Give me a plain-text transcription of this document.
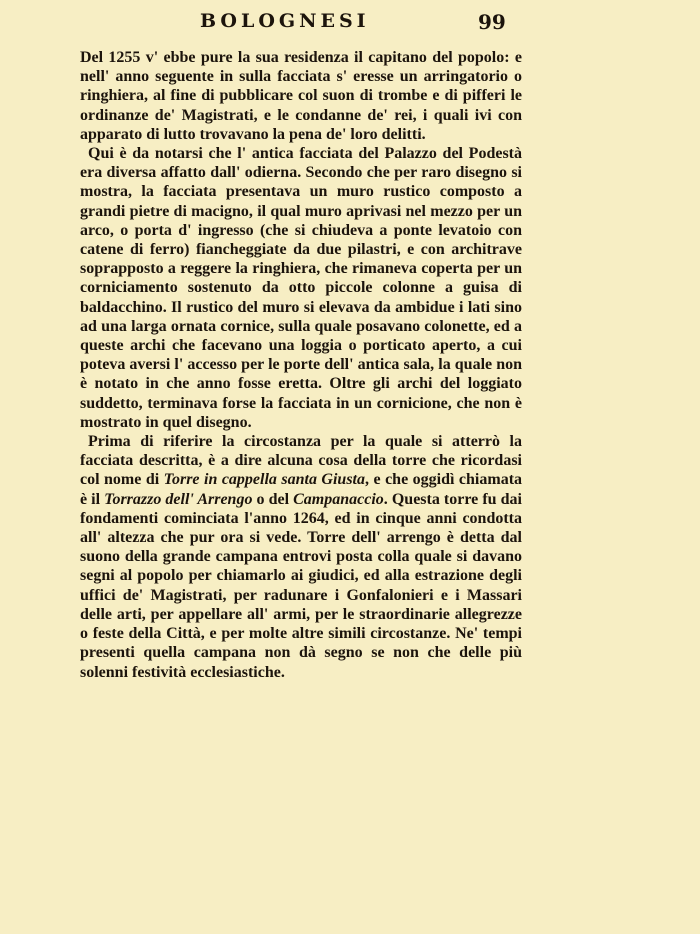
BOLOGNESI	99

Del 1255 v' ebbe pure la sua residenza il capitano del popolo: e nell' anno seguente in sulla facciata s' eresse un arringatorio o ringhiera, al fine di pubblicare col suon di trombe e di pifferi le ordinanze de' Magistrati, e le condanne de' rei, i quali ivi con apparato di lutto trovavano la pena de' loro delitti.

Qui è da notarsi che l' antica facciata del Palazzo del Podestà era diversa affatto dall' odierna. Secondo che per raro disegno si mostra, la facciata presentava un muro rustico composto a grandi pietre di macigno, il qual muro aprivasi nel mezzo per un arco, o porta d' ingresso (che si chiudeva a ponte levatoio con catene di ferro) fiancheggiate da due pilastri, e con architrave soprapposto a reggere la ringhiera, che rimaneva coperta per un corniciamento sostenuto da otto piccole colonne a guisa di baldacchino. Il rustico del muro si elevava da ambidue i lati sino ad una larga ornata cornice, sulla quale posavano colonette, ed a queste archi che facevano una loggia o porticato aperto, a cui poteva aversi l' accesso per le porte dell' antica sala, la quale non è notato in che anno fosse eretta. Oltre gli archi del loggiato suddetto, terminava forse la facciata in un cornicione, che non è mostrato in quel disegno.

Prima di riferire la circostanza per la quale si atterrò la facciata descritta, è a dire alcuna cosa della torre che ricordasi col nome di Torre in cappella santa Giusta, e che oggidì chiamata è il Torrazzo dell' Arrengo o del Campanaccio. Questa torre fu dai fondamenti cominciata l'anno 1264, ed in cinque anni condotta all' altezza che pur ora si vede. Torre dell' arrengo è detta dal suono della grande campana entrovi posta colla quale si davano segni al popolo per chiamarlo ai giudici, ed alla estrazione degli uffici de' Magistrati, per radunare i Gonfalonieri e i Massari delle arti, per appellare all' armi, per le straordinarie allegrezze o feste della Città, e per molte altre simili circostanze. Ne' tempi presenti quella campana non dà segno se non che delle più solenni festività ecclesiastiche.
